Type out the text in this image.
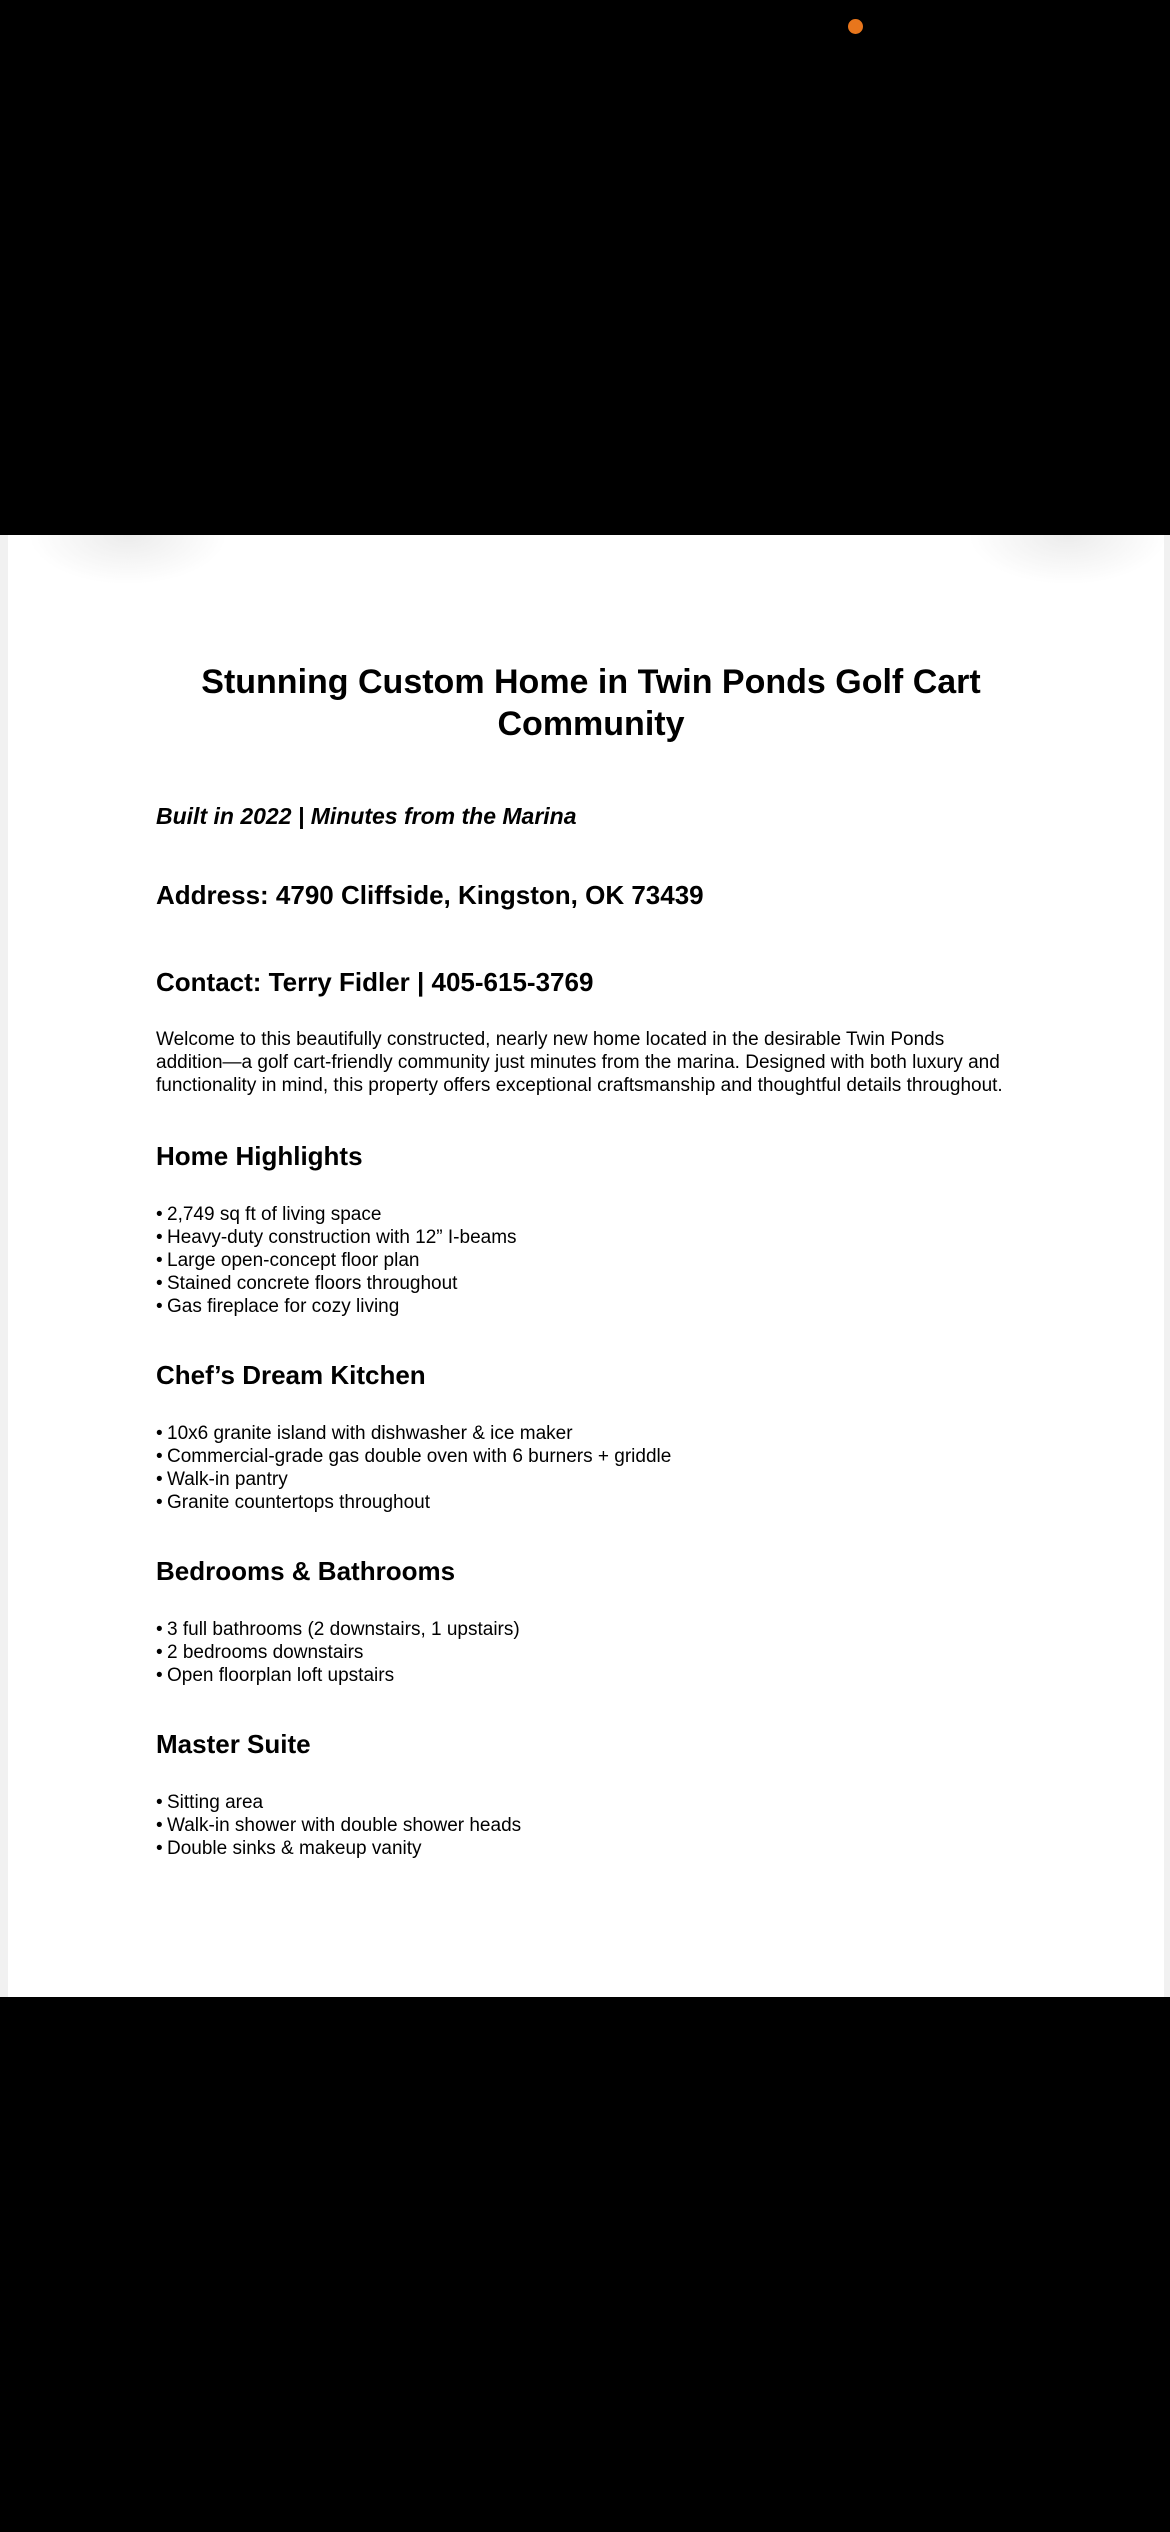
Stunning Custom Home in Twin Ponds Golf Cart Community
Built in 2022 | Minutes from the Marina
Address: 4790 Cliffside, Kingston, OK 73439
Contact: Terry Fidler | 405-615-3769
Welcome to this beautifully constructed, nearly new home located in the desirable Twin Ponds addition—a golf cart-friendly community just minutes from the marina. Designed with both luxury and functionality in mind, this property offers exceptional craftsmanship and thoughtful details throughout.
Home Highlights
• 2,749 sq ft of living space
• Heavy-duty construction with 12” I-beams
• Large open-concept floor plan
• Stained concrete floors throughout
• Gas fireplace for cozy living
Chef’s Dream Kitchen
• 10x6 granite island with dishwasher & ice maker
• Commercial-grade gas double oven with 6 burners + griddle
• Walk-in pantry
• Granite countertops throughout
Bedrooms & Bathrooms
• 3 full bathrooms (2 downstairs, 1 upstairs)
• 2 bedrooms downstairs
• Open floorplan loft upstairs
Master Suite
• Sitting area
• Walk-in shower with double shower heads
• Double sinks & makeup vanity
